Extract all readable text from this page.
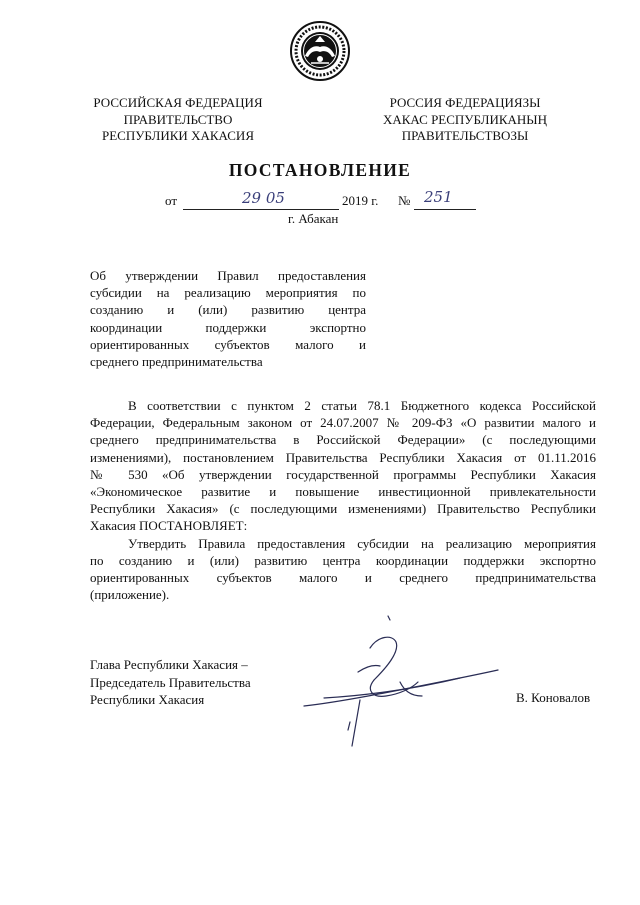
РОССИЙСКАЯ ФЕДЕРАЦИЯ
ПРАВИТЕЛЬСТВО
РЕСПУБЛИКИ ХАКАСИЯ
РОССИЯ ФЕДЕРАЦИЯЗЫ
ХАКАС РЕСПУБЛИКАНЫҢ
ПРАВИТЕЛЬСТВОЗЫ
ПОСТАНОВЛЕНИЕ
от	29 05	2019 г. № 251
г. Абакан
Об утверждении Правил предоставления
субсидии на реализацию мероприятия по
созданию и (или) развитию центра
координации поддержки экспортно
ориентированных субъектов малого и
среднего предпринимательства
В соответствии с пунктом 2 статьи 78.1 Бюджетного кодекса Российской
Федерации, Федеральным законом от 24.07.2007 № 209-ФЗ «О развитии малого и
среднего предпринимательства в Российской Федерации» (с последующими
изменениями), постановлением Правительства Республики Хакасия от 01.11.2016
№ 530 «Об утверждении государственной программы Республики Хакасия
«Экономическое развитие и повышение инвестиционной привлекательности
Республики Хакасия» (с последующими изменениями) Правительство Республики
Хакасия ПОСТАНОВЛЯЕТ:
Утвердить Правила предоставления субсидии на реализацию мероприятия
по созданию и (или) развитию центра координации поддержки экспортно
ориентированных субъектов малого и среднего предпринимательства
(приложение).
Глава Республики Хакасия –
Председатель Правительства
Республики Хакасия	В. Коновалов
